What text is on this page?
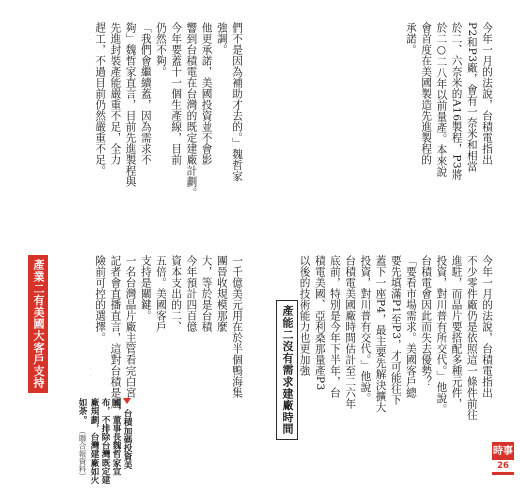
今年一月的法說，台積電指出
P2和P3廠，會有一奈米和相當
於二、六奈米的A16製程，P3將
於二○二八年以前量產。本來說
會首度在美國製造先進製程的
承諾。
今年一月的法說，台積電指出
不少零件廠仍是依照這一條件前往
進駐，而晶片要搭配多種元件，
投資，對川普有所交代。」他說。
台積電會因此而失去優勢？
「要看市場需求。美國客戶總
要先填滿P1至P3，才可能往下
蓋下一座P4，最主要先解決擴大
投資，對川普有交代。」他說。
台積電美國廠時間估計至二六年
底前，特別是今年下半年，台
積電美國、亞利桑那量產P3
以後的技術能力也更加強
們不是因為補助才去的。」魏哲家
強調。
他更承諾，美國投資並不會影
響到台積電在台灣的既定建廠計劃。
今年要蓋十一個生產線，目前
仍然不夠。
「我們會繼續蓋，因為需求不
夠」魏哲家直言，目前先進製程與
先進封裝產能嚴重不足，全力
趕工，不過目前仍然嚴重不足。

一千億美元用在於半個鴨海集
團晉收規模那麼
大，等於是台積
今年預計四百億
資本支出的二、
五倍。美國客戶
支持是關鍵。
一名台灣晶片廠主管看完白宮
記者會直播直言，這對台積是風
險前可控的選擇。

產能二沒有需求建廠時間
產業二有美國大客戶支持
時事
26
台積加碼投資美國，董事長魏哲家宣布，不排除台灣既定建廠規劃，台灣建廠如火如荼。 （聯合報資料）
